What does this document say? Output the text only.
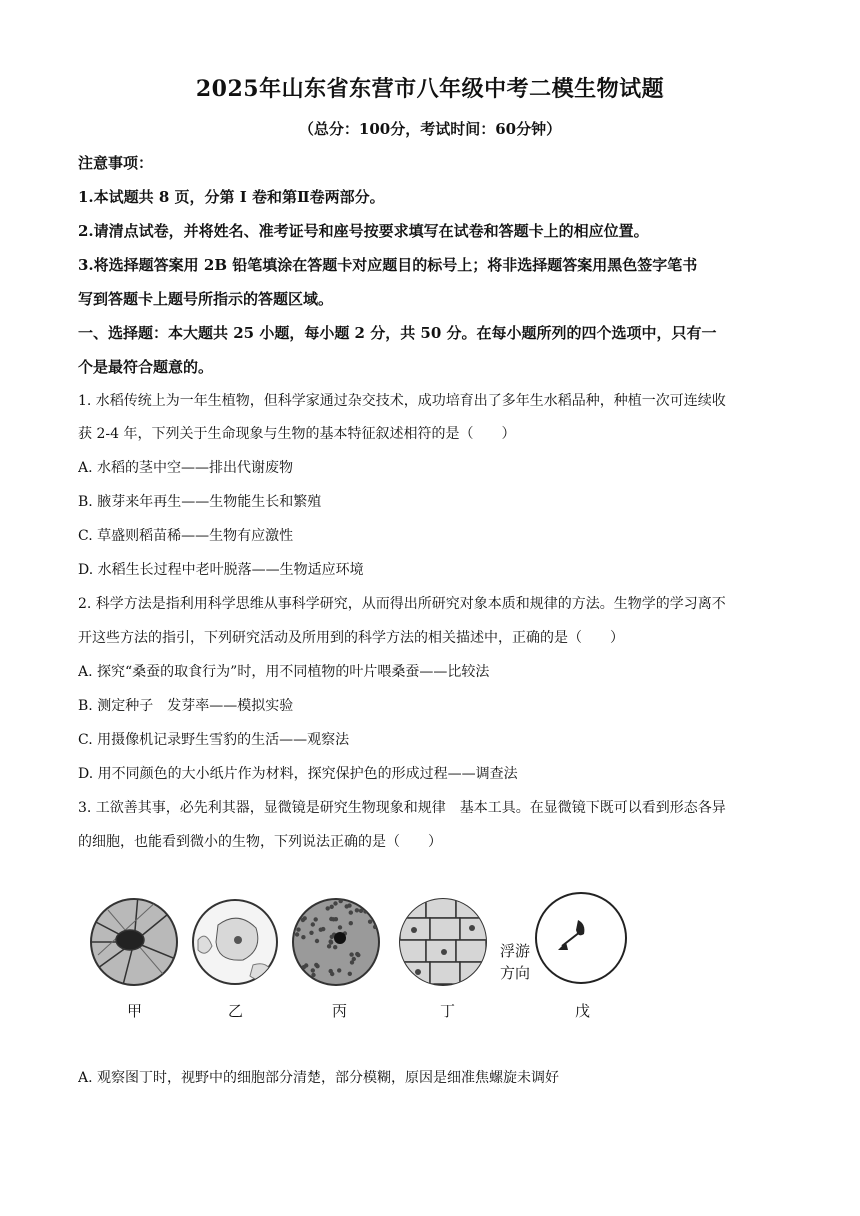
2025年山东省东营市八年级中考二模生物试题
（总分：100分，考试时间：60分钟）
注意事项：
1.本试题共 8 页，分第 I 卷和第Ⅱ卷两部分。
2.请清点试卷，并将姓名、准考证号和座号按要求填写在试卷和答题卡上的相应位置。
3.将选择题答案用 2B 铅笔填涂在答题卡对应题目的标号上；将非选择题答案用黑色签字笔书
写到答题卡上题号所指示的答题区域。
一、选择题：本大题共 25 小题，每小题 2 分，共 50 分。在每小题所列的四个选项中，只有一
个是最符合题意的。
1. 水稻传统上为一年生植物，但科学家通过杂交技术，成功培育出了多年生水稻品种，种植一次可连续收
获 2-4 年，下列关于生命现象与生物的基本特征叙述相符的是（　　）
A. 水稻的茎中空——排出代谢废物
B. 腋芽来年再生——生物能生长和繁殖
C. 草盛则稻苗稀——生物有应激性
D. 水稻生长过程中老叶脱落——生物适应环境
2. 科学方法是指利用科学思维从事科学研究，从而得出所研究对象本质和规律的方法。生物学的学习离不
开这些方法的指引，下列研究活动及所用到的科学方法的相关描述中，正确的是（　　）
A. 探究“桑蚕的取食行为”时，用不同植物的叶片喂桑蚕——比较法
B. 测定种子　发芽率——模拟实验
C. 用摄像机记录野生雪豹的生活——观察法
D. 用不同颜色的大小纸片作为材料，探究保护色的形成过程——调查法
3. 工欲善其事，必先利其器，显微镜是研究生物现象和规律　基本工具。在显微镜下既可以看到形态各异
的细胞，也能看到微小的生物，下列说法正确的是（　　）
浮游
方向
甲	乙	丙	丁	戊
A. 观察图丁时，视野中的细胞部分清楚，部分模糊，原因是细准焦螺旋未调好
